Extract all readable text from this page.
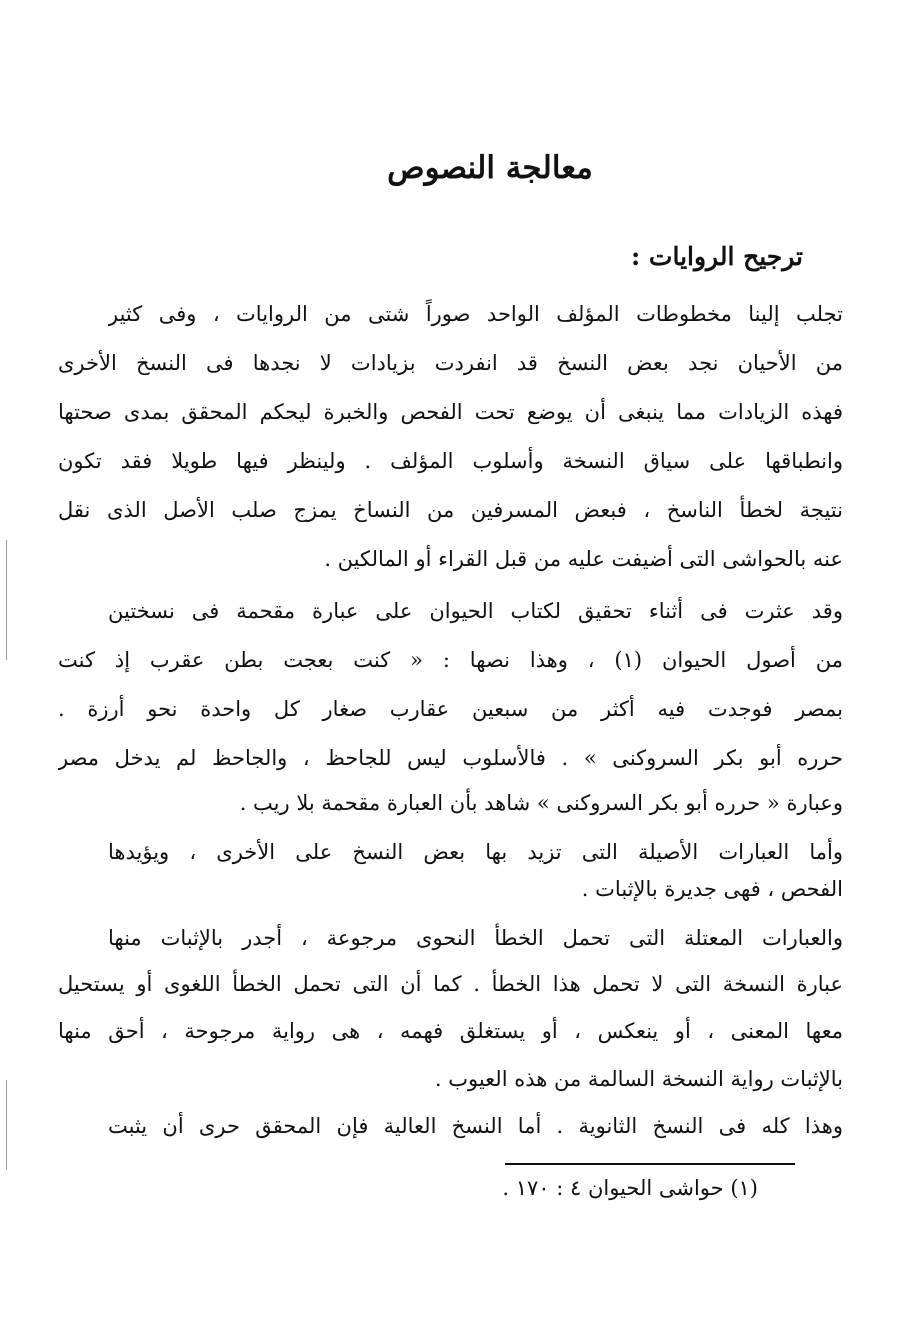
معالجة النصوص
ترجيح الروايات :
تجلب إلينا مخطوطات المؤلف الواحد صوراً شتى من الروايات ، وفى كثير
من الأحيان نجد بعض النسخ قد انفردت بزيادات لا نجدها فى النسخ الأخرى
فهذه الزيادات مما ينبغى أن يوضع تحت الفحص والخبرة ليحكم المحقق بمدى صحتها
وانطباقها على سياق النسخة وأسلوب المؤلف . ولينظر فيها طويلا فقد تكون
نتيجة لخطأ الناسخ ، فبعض المسرفين من النساخ يمزج صلب الأصل الذى نقل
عنه بالحواشى التى أضيفت عليه من قبل القراء أو المالكين .
وقد عثرت فى أثناء تحقيق لكتاب الحيوان على عبارة مقحمة فى نسختين
من أصول الحيوان (١) ، وهذا نصها : « كنت بعجت بطن عقرب إذ كنت
بمصر فوجدت فيه أكثر من سبعين عقارب صغار كل واحدة نحو أرزة .
حرره أبو بكر السروكنى » . فالأسلوب ليس للجاحظ ، والجاحظ لم يدخل مصر
وعبارة « حرره أبو بكر السروكنى » شاهد بأن العبارة مقحمة بلا ريب .
وأما العبارات الأصيلة التى تزيد بها بعض النسخ على الأخرى ، ويؤيدها
الفحص ، فهى جديرة بالإثبات .
والعبارات المعتلة التى تحمل الخطأ النحوى مرجوعة ، أجدر بالإثبات منها
عبارة النسخة التى لا تحمل هذا الخطأ . كما أن التى تحمل الخطأ اللغوى أو يستحيل
معها المعنى ، أو ينعكس ، أو يستغلق فهمه ، هى رواية مرجوحة ، أحق منها
بالإثبات رواية النسخة السالمة من هذه العيوب .
وهذا كله فى النسخ الثانوية . أما النسخ العالية فإن المحقق حرى أن يثبت
(١) حواشى الحيوان ٤ : ١٧٠ .
